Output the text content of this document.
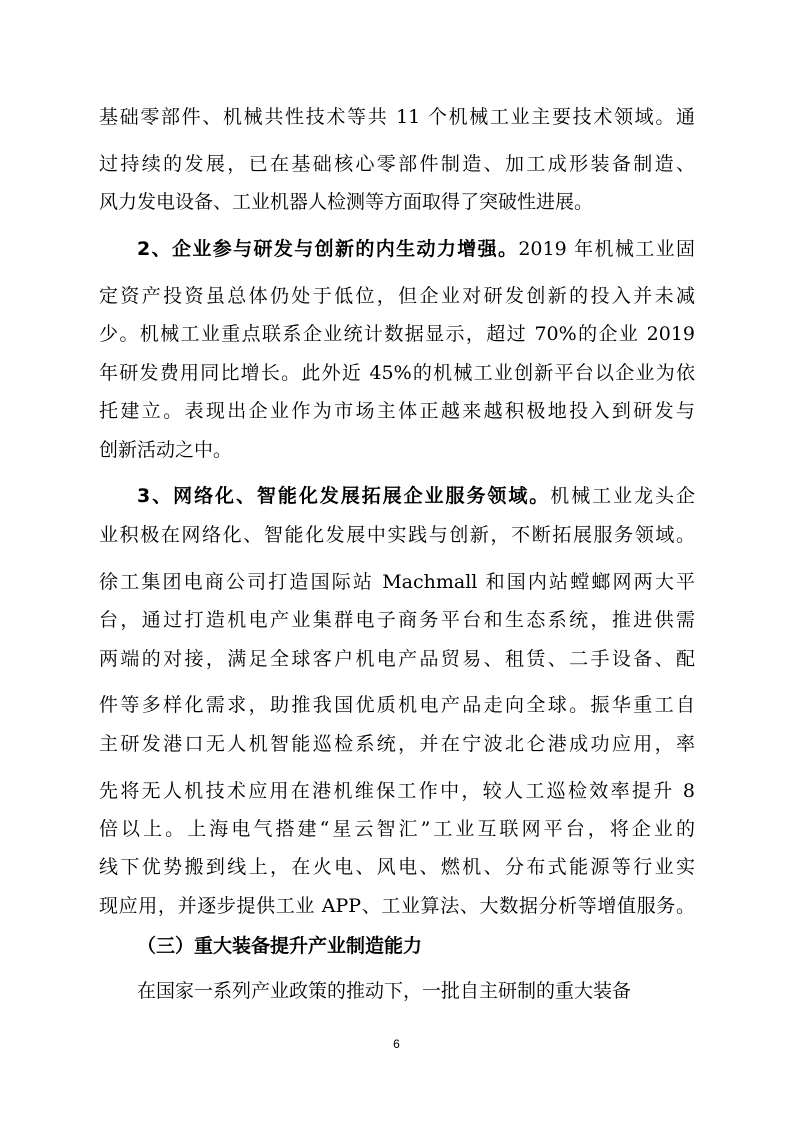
基础零部件、机械共性技术等共 11 个机械工业主要技术领域。通
过持续的发展，已在基础核心零部件制造、加工成形装备制造、
风力发电设备、工业机器人检测等方面取得了突破性进展。
2、企业参与研发与创新的内生动力增强。2019 年机械工业固
定资产投资虽总体仍处于低位，但企业对研发创新的投入并未减
少。机械工业重点联系企业统计数据显示，超过 70%的企业 2019
年研发费用同比增长。此外近 45%的机械工业创新平台以企业为依
托建立。表现出企业作为市场主体正越来越积极地投入到研发与
创新活动之中。
3、网络化、智能化发展拓展企业服务领域。机械工业龙头企
业积极在网络化、智能化发展中实践与创新，不断拓展服务领域。
徐工集团电商公司打造国际站 Machmall 和国内站螳螂网两大平
台，通过打造机电产业集群电子商务平台和生态系统，推进供需
两端的对接，满足全球客户机电产品贸易、租赁、二手设备、配
件等多样化需求，助推我国优质机电产品走向全球。振华重工自
主研发港口无人机智能巡检系统，并在宁波北仑港成功应用，率
先将无人机技术应用在港机维保工作中，较人工巡检效率提升 8
倍以上。上海电气搭建“星云智汇”工业互联网平台，将企业的
线下优势搬到线上，在火电、风电、燃机、分布式能源等行业实
现应用，并逐步提供工业 APP、工业算法、大数据分析等增值服务。
（三）重大装备提升产业制造能力
在国家一系列产业政策的推动下，一批自主研制的重大装备
6
